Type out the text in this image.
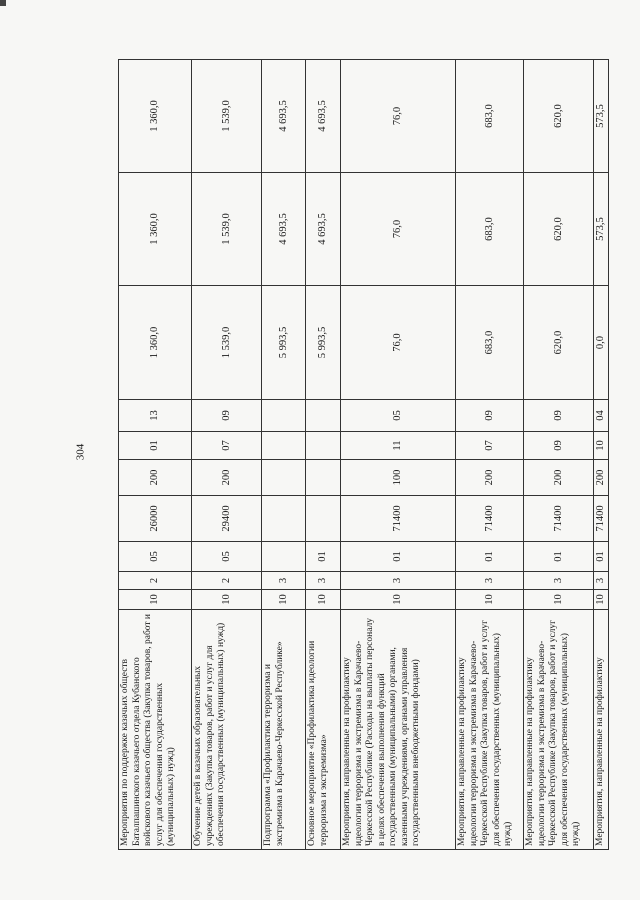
304
Мероприятия по поддержке казачьих обществ Баталпашинского казачьего отдела Кубанского войскового казачьего общества (Закупка товаров, работ и услуг для обеспечения государственных (муниципальных) нужд)	10	2	05	26000	200	01	13	1 360,0	1 360,0	1 360,0
Обучение детей в казачьих образовательных учреждениях (Закупка товаров, работ и услуг для обеспечения государственных (муниципальных) нужд)	10	2	05	29400	200	07	09	1 539,0	1 539,0	1 539,0
Подпрограмма «Профилактика терроризма и экстремизма в Карачаево-Черкесской Республике»	10	3						5 993,5	4 693,5	4 693,5
Основное мероприятие «Профилактика идеологии терроризма и экстремизма»	10	3	01					5 993,5	4 693,5	4 693,5
Мероприятия, направленные на профилактику идеологии терроризма и экстремизма в Карачаево-Черкесской Республике (Расходы на выплаты персоналу в целях обеспечения выполнения функций государственными (муниципальными) органами, казенными учреждениями, органами управления государственными внебюджетными фондами)	10	3	01	71400	100	11	05	76,0	76,0	76,0
Мероприятия, направленные на профилактику идеологии терроризма и экстремизма в Карачаево-Черкесской Республике (Закупка товаров, работ и услуг для обеспечения государственных (муниципальных) нужд)	10	3	01	71400	200	07	09	683,0	683,0	683,0
Мероприятия, направленные на профилактику идеологии терроризма и экстремизма в Карачаево-Черкесской Республике (Закупка товаров, работ и услуг для обеспечения государственных (муниципальных) нужд)	10	3	01	71400	200	09	09	620,0	620,0	620,0
Мероприятия, направленные на профилактику	10	3	01	71400	200	10	04	0,0	573,5	573,5
